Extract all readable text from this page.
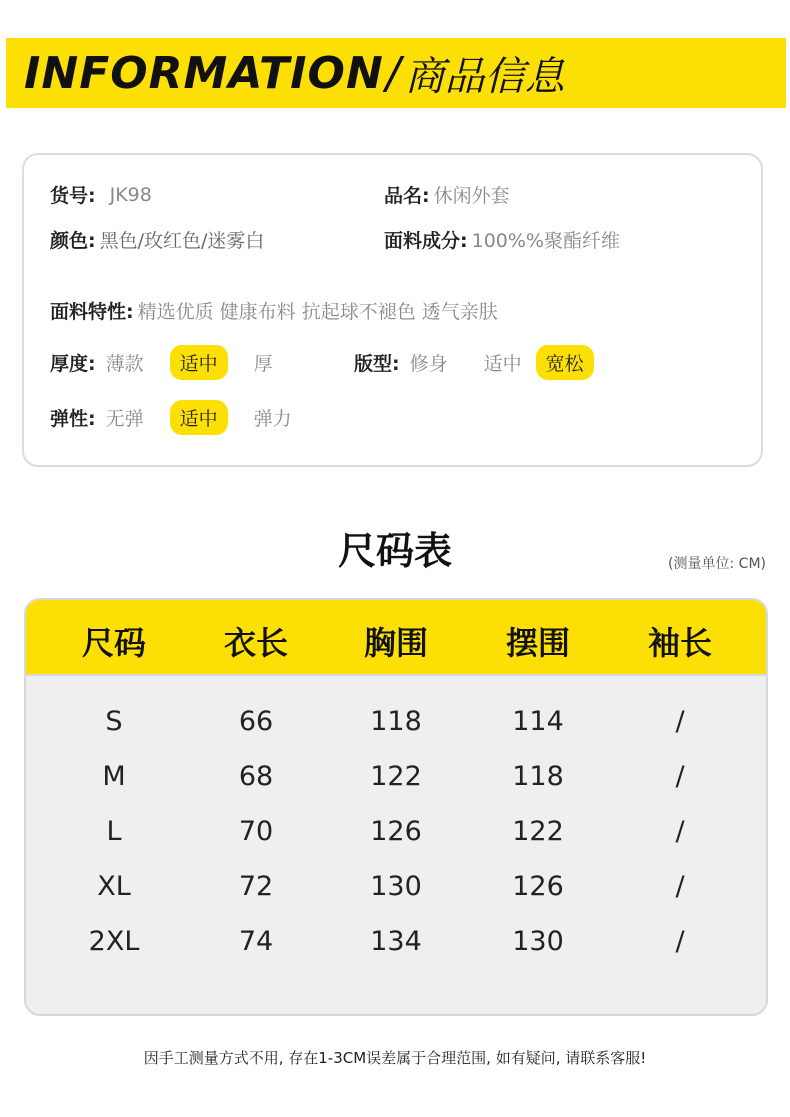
INFORMATION / 商品信息
货号: JK98	品名: 休闲外套
颜色: 黑色/玫红色/迷雾白	面料成分: 100%%聚酯纤维
面料特性: 精选优质 健康布料 抗起球不褪色 透气亲肤
厚度: 薄款	适中	厚	版型: 修身	适中	宽松
弹性: 无弹	适中	弹力
尺码表	(测量单位: CM)
尺码 衣长 胸围 摆围 袖长
S	66	118	114	/
M	68	122	118	/
L	70	126	122	/
XL	72	130	126	/
2XL	74	134	130	/
因手工测量方式不用, 存在1-3CM误差属于合理范围, 如有疑问, 请联系客服!
